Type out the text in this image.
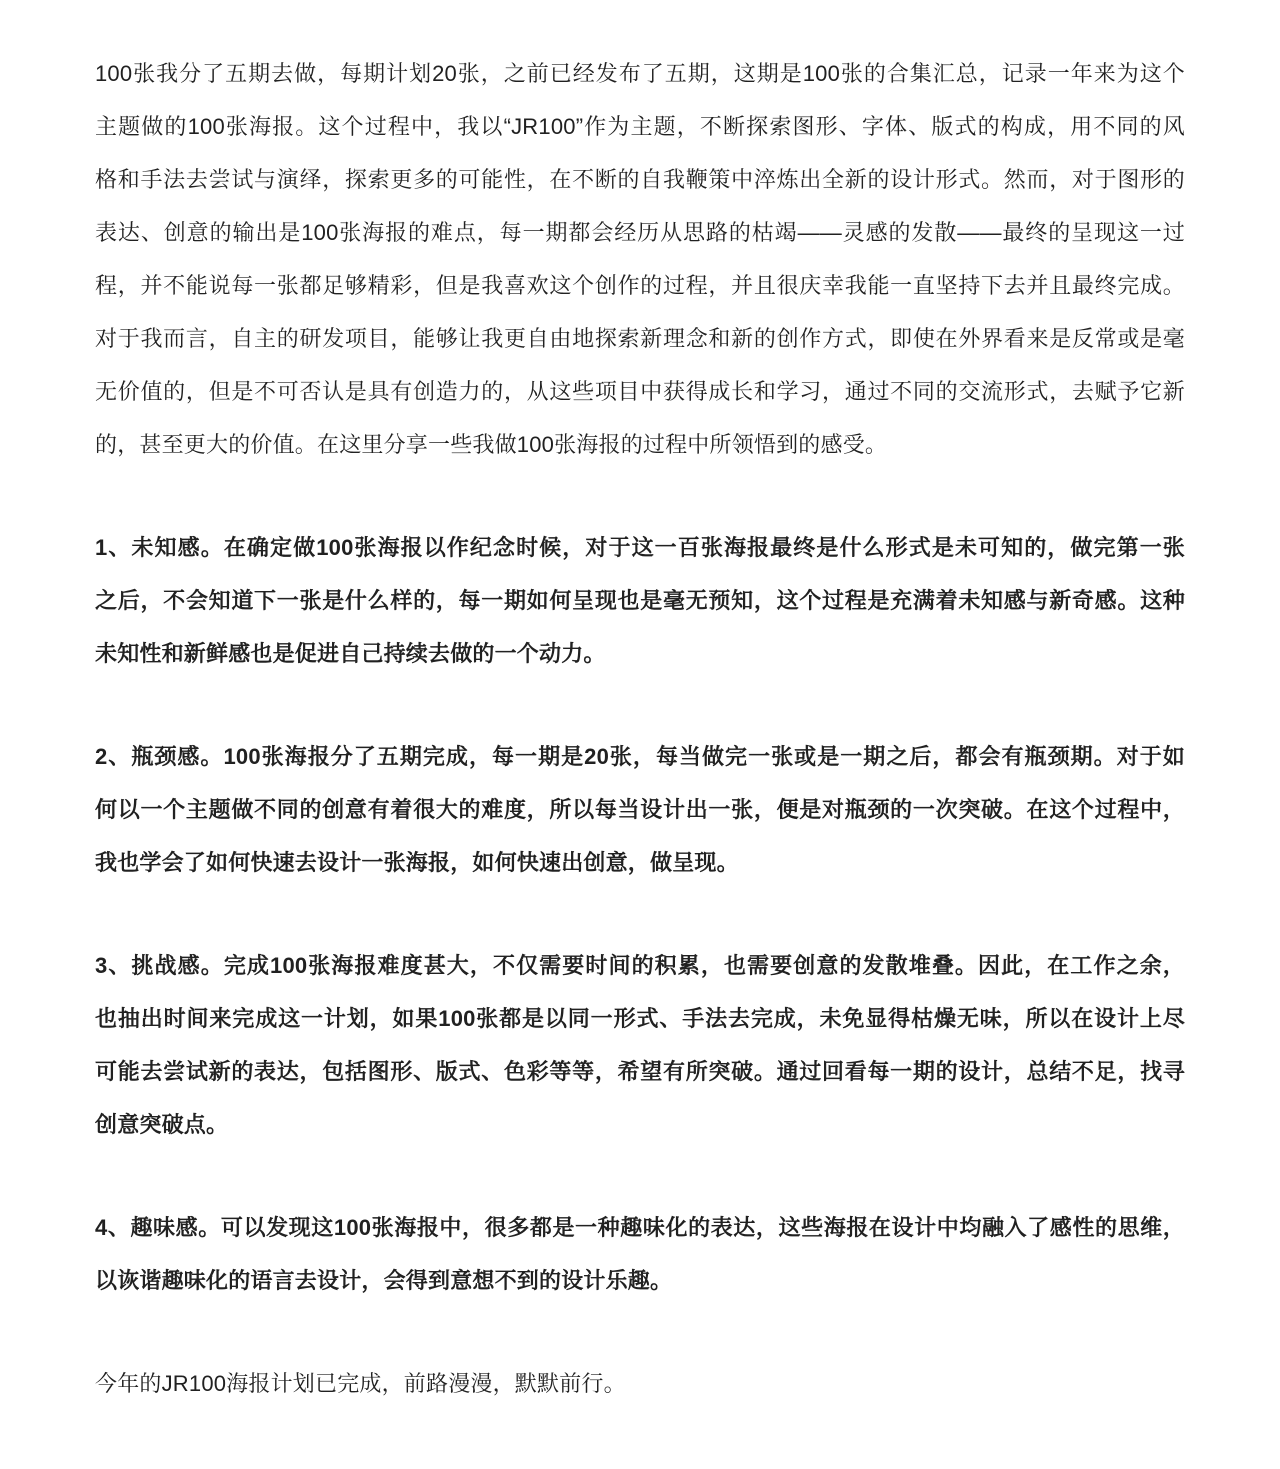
100张我分了五期去做，每期计划20张，之前已经发布了五期，这期是100张的合集汇总，记录一年来为这个
主题做的100张海报。这个过程中，我以“JR100”作为主题，不断探索图形、字体、版式的构成，用不同的风
格和手法去尝试与演绎，探索更多的可能性，在不断的自我鞭策中淬炼出全新的设计形式。然而，对于图形的
表达、创意的输出是100张海报的难点，每一期都会经历从思路的枯竭——灵感的发散——最终的呈现这一过
程，并不能说每一张都足够精彩，但是我喜欢这个创作的过程，并且很庆幸我能一直坚持下去并且最终完成。
对于我而言，自主的研发项目，能够让我更自由地探索新理念和新的创作方式，即使在外界看来是反常或是毫
无价值的，但是不可否认是具有创造力的，从这些项目中获得成长和学习，通过不同的交流形式，去赋予它新
的，甚至更大的价值。在这里分享一些我做100张海报的过程中所领悟到的感受。

1、未知感。在确定做100张海报以作纪念时候，对于这一百张海报最终是什么形式是未可知的，做完第一张
之后，不会知道下一张是什么样的，每一期如何呈现也是毫无预知，这个过程是充满着未知感与新奇感。这种
未知性和新鲜感也是促进自己持续去做的一个动力。

2、瓶颈感。100张海报分了五期完成，每一期是20张，每当做完一张或是一期之后，都会有瓶颈期。对于如
何以一个主题做不同的创意有着很大的难度，所以每当设计出一张，便是对瓶颈的一次突破。在这个过程中，
我也学会了如何快速去设计一张海报，如何快速出创意，做呈现。

3、挑战感。完成100张海报难度甚大，不仅需要时间的积累，也需要创意的发散堆叠。因此，在工作之余，
也抽出时间来完成这一计划，如果100张都是以同一形式、手法去完成，未免显得枯燥无味，所以在设计上尽
可能去尝试新的表达，包括图形、版式、色彩等等，希望有所突破。通过回看每一期的设计，总结不足，找寻
创意突破点。

4、趣味感。可以发现这100张海报中，很多都是一种趣味化的表达，这些海报在设计中均融入了感性的思维，
以诙谐趣味化的语言去设计，会得到意想不到的设计乐趣。

今年的JR100海报计划已完成，前路漫漫，默默前行。
